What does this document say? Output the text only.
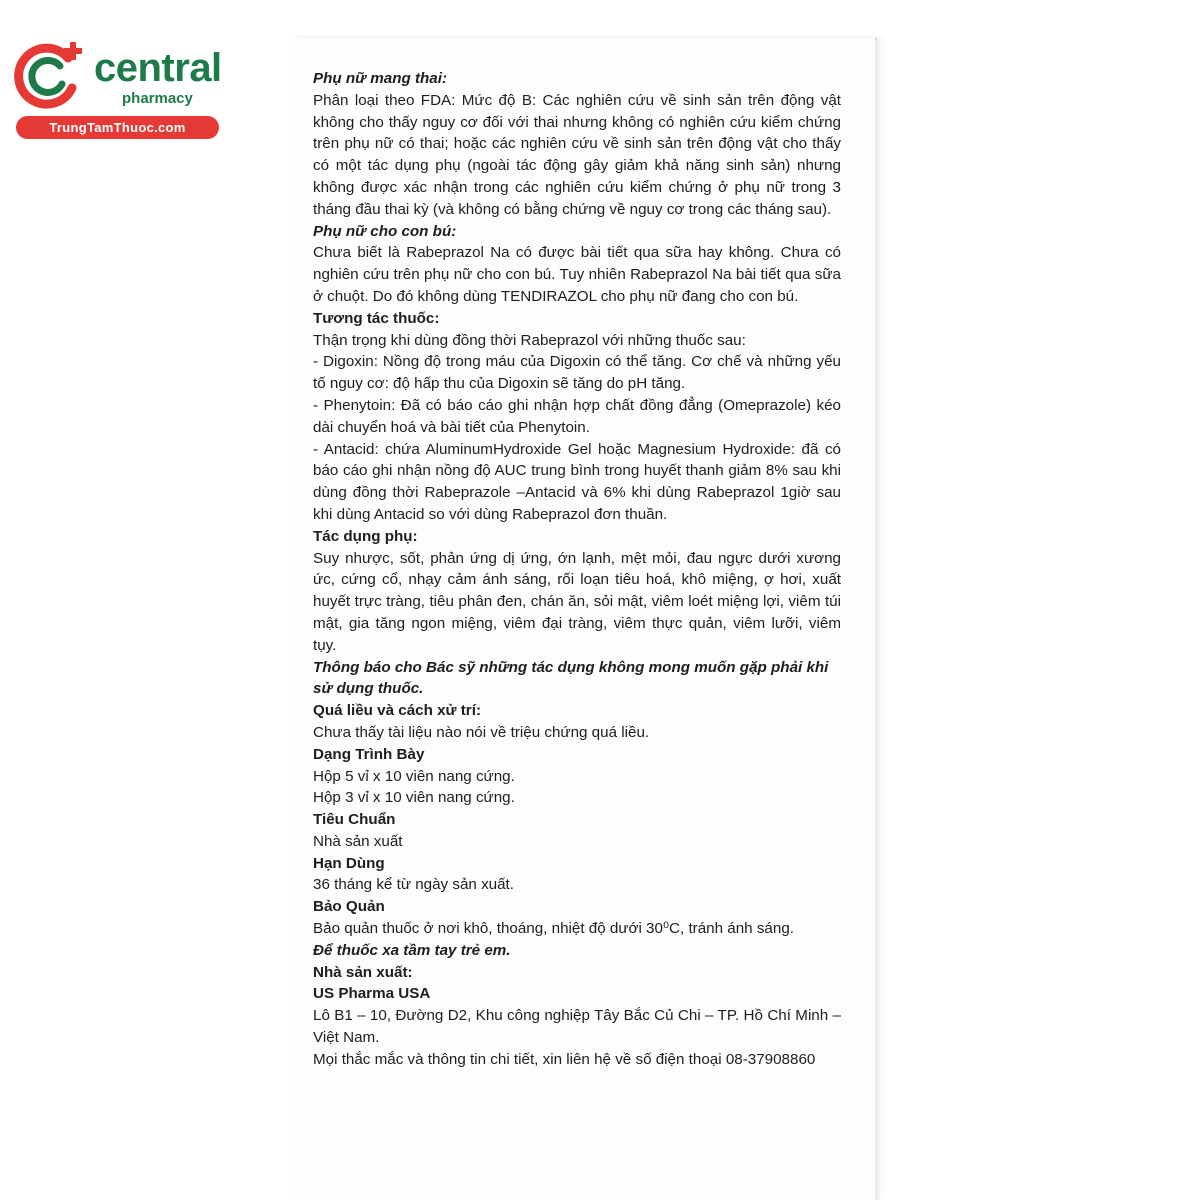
central
pharmacy
TrungTamThuoc.com

Phụ nữ mang thai:

Phân loại theo FDA: Mức độ B: Các nghiên cứu về sinh sản trên động vật không cho thấy nguy cơ đối với thai nhưng không có nghiên cứu kiểm chứng trên phụ nữ có thai; hoặc các nghiên cứu về sinh sản trên động vật cho thấy có một tác dụng phụ (ngoài tác động gây giảm khả năng sinh sản) nhưng không được xác nhận trong các nghiên cứu kiểm chứng ở phụ nữ trong 3 tháng đầu thai kỳ (và không có bằng chứng về nguy cơ trong các tháng sau).

Phụ nữ cho con bú:

Chưa biết là Rabeprazol Na có được bài tiết qua sữa hay không. Chưa có nghiên cứu trên phụ nữ cho con bú. Tuy nhiên Rabeprazol Na bài tiết qua sữa ở chuột. Do đó không dùng TENDIRAZOL cho phụ nữ đang cho con bú.

Tương tác thuốc:

Thận trọng khi dùng đồng thời Rabeprazol với những thuốc sau:

- Digoxin: Nồng độ trong máu của Digoxin có thể tăng. Cơ chế và những yếu tố nguy cơ: độ hấp thu của Digoxin sẽ tăng do pH tăng.

- Phenytoin: Đã có báo cáo ghi nhận hợp chất đồng đẳng (Omeprazole) kéo dài chuyển hoá và bài tiết của Phenytoin.

- Antacid: chứa AluminumHydroxide Gel hoặc Magnesium Hydroxide: đã có báo cáo ghi nhận nồng độ AUC trung bình trong huyết thanh giảm 8% sau khi dùng đồng thời Rabeprazole –Antacid và 6% khi dùng Rabeprazol 1giờ sau khi dùng Antacid so với dùng Rabeprazol đơn thuần.

Tác dụng phụ:

Suy nhược, sốt, phản ứng dị ứng, ớn lạnh, mệt mỏi, đau ngực dưới xương ức, cứng cổ, nhạy cảm ánh sáng, rối loạn tiêu hoá, khô miệng, ợ hơi, xuất huyết trực tràng, tiêu phân đen, chán ăn, sỏi mật, viêm loét miệng lợi, viêm túi mật, gia tăng ngon miệng, viêm đại tràng, viêm thực quản, viêm lưỡi, viêm tụy.

Thông báo cho Bác sỹ những tác dụng không mong muốn gặp phải khi sử dụng thuốc.

Quá liều và cách xử trí:

Chưa thấy tài liệu nào nói về triệu chứng quá liều.

Dạng Trình Bày

Hộp 5 vỉ x 10 viên nang cứng.

Hộp 3 vỉ x 10 viên nang cứng.

Tiêu Chuẩn

Nhà sản xuất

Hạn Dùng

36 tháng kể từ ngày sản xuất.

Bảo Quản

Bảo quản thuốc ở nơi khô, thoáng, nhiệt độ dưới 30⁰C, tránh ánh sáng.

Để thuốc xa tầm tay trẻ em.

Nhà sản xuất:

US Pharma USA

Lô B1 – 10, Đường D2, Khu công nghiệp Tây Bắc Củ Chi – TP. Hồ Chí Minh – Việt Nam.

Mọi thắc mắc và thông tin chi tiết, xin liên hệ về số điện thoại 08-37908860
